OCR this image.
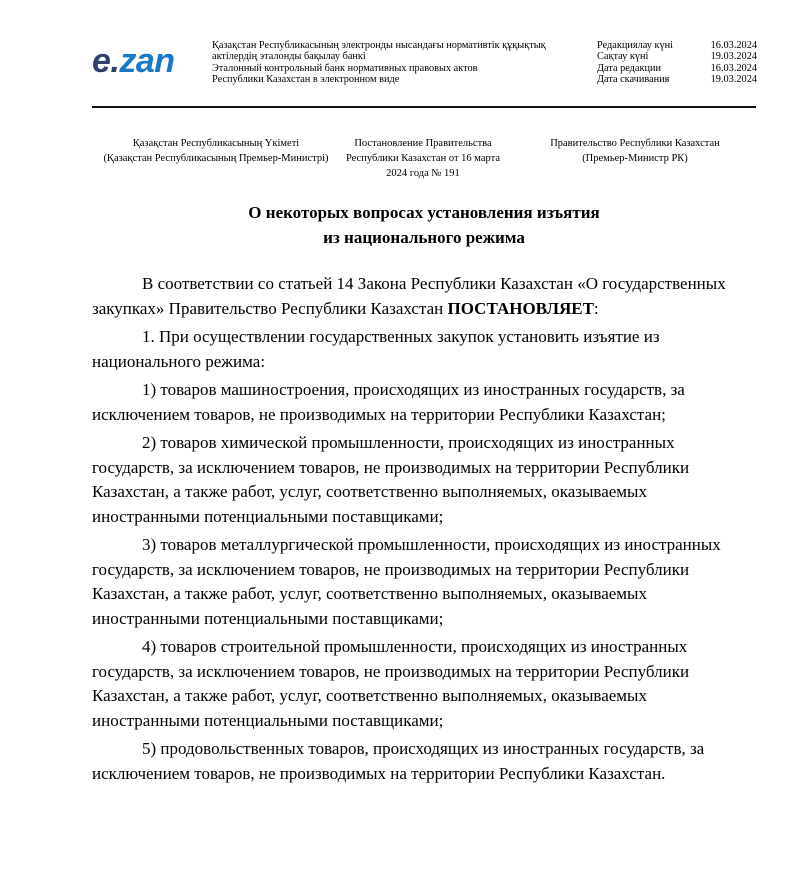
e.zan	Қазақстан Республикасының электронды нысандағы нормативтік құқықтық
актілердің эталонды бақылау банкі
Эталонный контрольный банк нормативных правовых актов
Республики Казахстан в электронном виде
Редакциялау күні	16.03.2024
Сақтау күні	19.03.2024
Дата редакции	16.03.2024
Дата скачивания	19.03.2024
Қазақстан Республикасының Үкіметі
(Қазақстан Республикасының Премьер-Министрі)
Постановление Правительства
Республики Казахстан от 16 марта
2024 года № 191
Правительство Республики Казахстан
(Премьер-Министр РК)
О некоторых вопросах установления изъятия
из национального режима

В соответствии со статьей 14 Закона Республики Казахстан «О государственных закупках» Правительство Республики Казахстан ПОСТАНОВЛЯЕТ:

1. При осуществлении государственных закупок установить изъятие из национального режима:

1) товаров машиностроения, происходящих из иностранных государств, за исключением товаров, не производимых на территории Республики Казахстан;

2) товаров химической промышленности, происходящих из иностранных государств, за исключением товаров, не производимых на территории Республики Казахстан, а также работ, услуг, соответственно выполняемых, оказываемых иностранными потенциальными поставщиками;

3) товаров металлургической промышленности, происходящих из иностранных государств, за исключением товаров, не производимых на территории Республики Казахстан, а также работ, услуг, соответственно выполняемых, оказываемых иностранными потенциальными поставщиками;

4) товаров строительной промышленности, происходящих из иностранных государств, за исключением товаров, не производимых на территории Республики Казахстан, а также работ, услуг, соответственно выполняемых, оказываемых иностранными потенциальными поставщиками;

5) продовольственных товаров, происходящих из иностранных государств, за исключением товаров, не производимых на территории Республики Казахстан.
